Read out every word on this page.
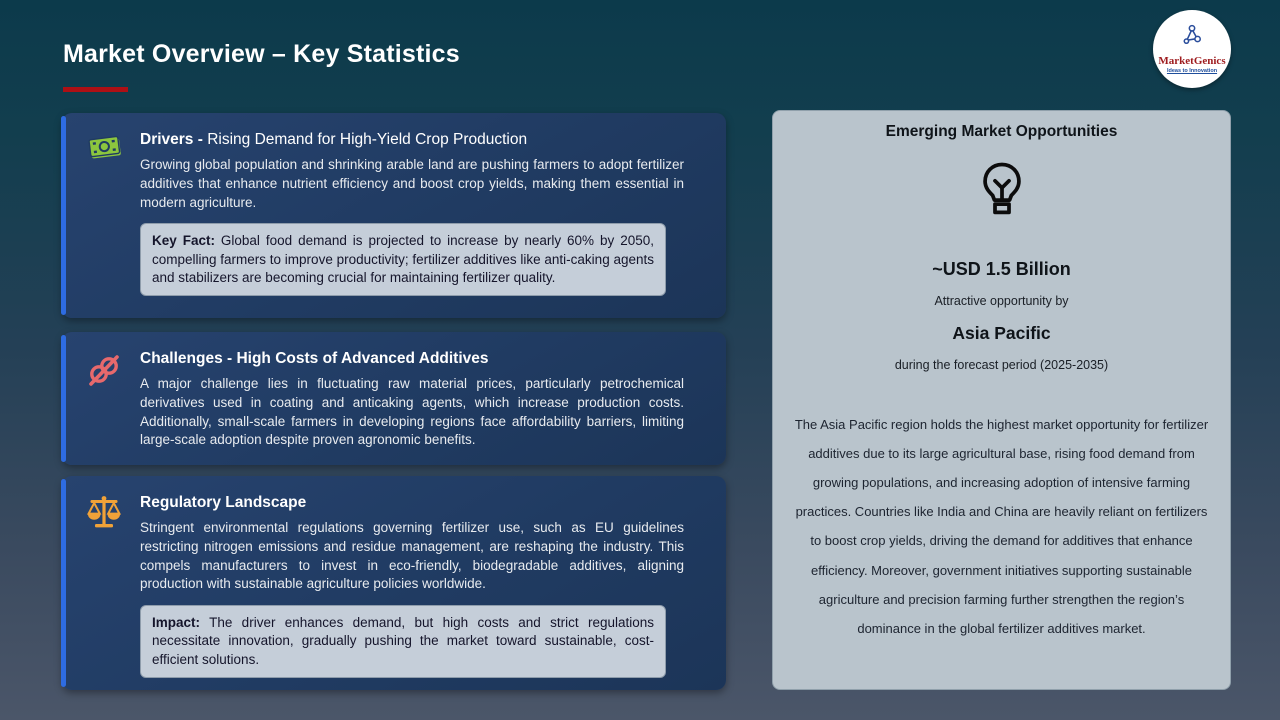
Market Overview – Key Statistics	MarketGenics
Ideas to Innovation
Drivers - Rising Demand for High-Yield Crop Production
Growing global population and shrinking arable land are pushing farmers to adopt fertilizer additives that enhance nutrient efficiency and boost crop yields, making them essential in modern agriculture.
Key Fact: Global food demand is projected to increase by nearly 60% by 2050, compelling farmers to improve productivity; fertilizer additives like anti-caking agents and stabilizers are becoming crucial for maintaining fertilizer quality.
Challenges - High Costs of Advanced Additives
A major challenge lies in fluctuating raw material prices, particularly petrochemical derivatives used in coating and anticaking agents, which increase production costs. Additionally, small-scale farmers in developing regions face affordability barriers, limiting large-scale adoption despite proven agronomic benefits.
Regulatory Landscape
Stringent environmental regulations governing fertilizer use, such as EU guidelines restricting nitrogen emissions and residue management, are reshaping the industry. This compels manufacturers to invest in eco-friendly, biodegradable additives, aligning production with sustainable agriculture policies worldwide.
Impact: The driver enhances demand, but high costs and strict regulations necessitate innovation, gradually pushing the market toward sustainable, cost-efficient solutions.
Emerging Market Opportunities
~USD 1.5 Billion
Attractive opportunity by
Asia Pacific
during the forecast period (2025-2035)
The Asia Pacific region holds the highest market opportunity for fertilizer additives due to its large agricultural base, rising food demand from growing populations, and increasing adoption of intensive farming practices. Countries like India and China are heavily reliant on fertilizers to boost crop yields, driving the demand for additives that enhance efficiency. Moreover, government initiatives supporting sustainable agriculture and precision farming further strengthen the region’s dominance in the global fertilizer additives market.
